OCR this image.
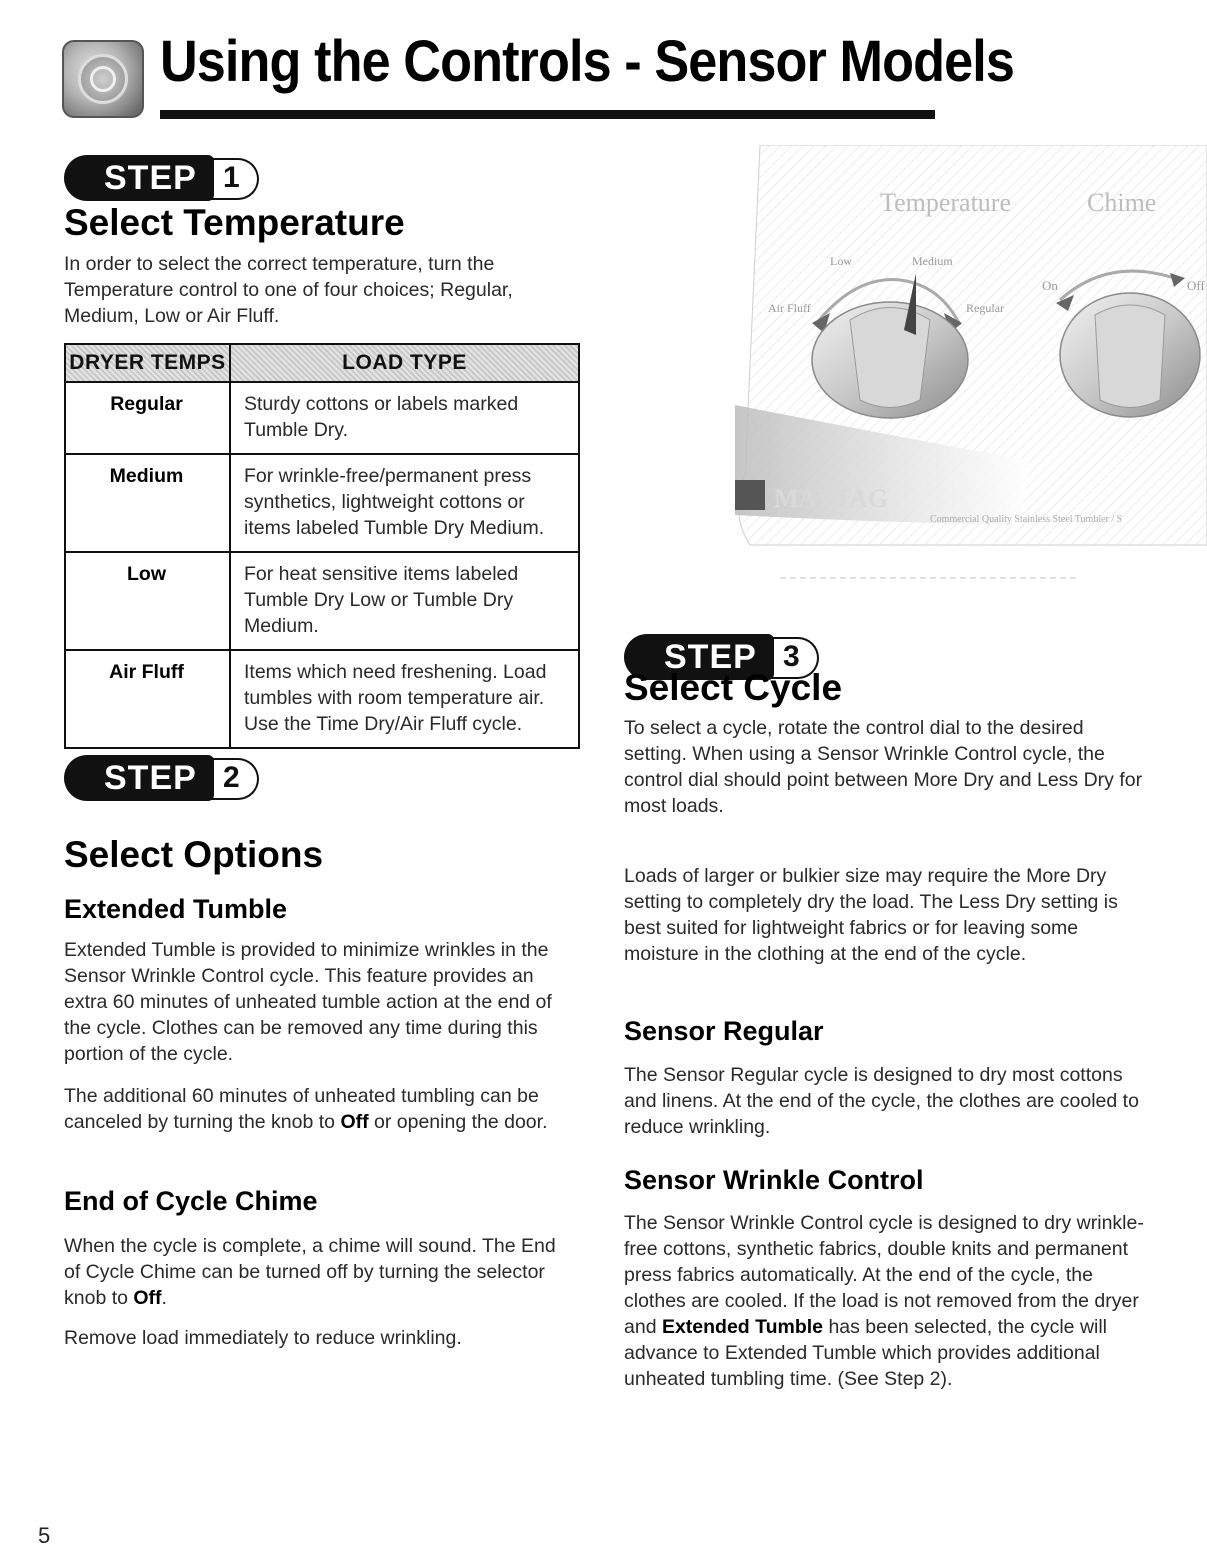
Using the Controls - Sensor Models
STEP 1
Select Temperature

In order to select the correct temperature, turn the Temperature control to one of four choices; Regular, Medium, Low or Air Fluff.

DRYER TEMPS	LOAD TYPE
Regular	Sturdy cottons or labels marked Tumble Dry.
Medium	For wrinkle-free/permanent press synthetics, lightweight cottons or items labeled Tumble Dry Medium.
Low	For heat sensitive items labeled Tumble Dry Low or Tumble Dry Medium.
Air Fluff	Items which need freshening. Load tumbles with room temperature air. Use the Time Dry/Air Fluff cycle.
STEP 2
Select Options
Extended Tumble

Extended Tumble is provided to minimize wrinkles in the Sensor Wrinkle Control cycle. This feature provides an extra 60 minutes of unheated tumble action at the end of the cycle. Clothes can be removed any time during this portion of the cycle.

The additional 60 minutes of unheated tumbling can be canceled by turning the knob to Off or opening the door.

End of Cycle Chime

When the cycle is complete, a chime will sound. The End of Cycle Chime can be turned off by turning the selector knob to Off.

Remove load immediately to reduce wrinkling.

Temperature	Chime
Low	Medium
Air Fluff	Regular
On	Off
MAYTAG
Commercial Quality Stainless Steel Tumbler / S
STEP 3
Select Cycle

To select a cycle, rotate the control dial to the desired setting. When using a Sensor Wrinkle Control cycle, the control dial should point between More Dry and Less Dry for most loads.

Loads of larger or bulkier size may require the More Dry setting to completely dry the load. The Less Dry setting is best suited for lightweight fabrics or for leaving some moisture in the clothing at the end of the cycle.

Sensor Regular

The Sensor Regular cycle is designed to dry most cottons and linens. At the end of the cycle, the clothes are cooled to reduce wrinkling.

Sensor Wrinkle Control

The Sensor Wrinkle Control cycle is designed to dry wrinkle-free cottons, synthetic fabrics, double knits and permanent press fabrics automatically. At the end of the cycle, the clothes are cooled. If the load is not removed from the dryer and Extended Tumble has been selected, the cycle will advance to Extended Tumble which provides additional unheated tumbling time. (See Step 2).

5
